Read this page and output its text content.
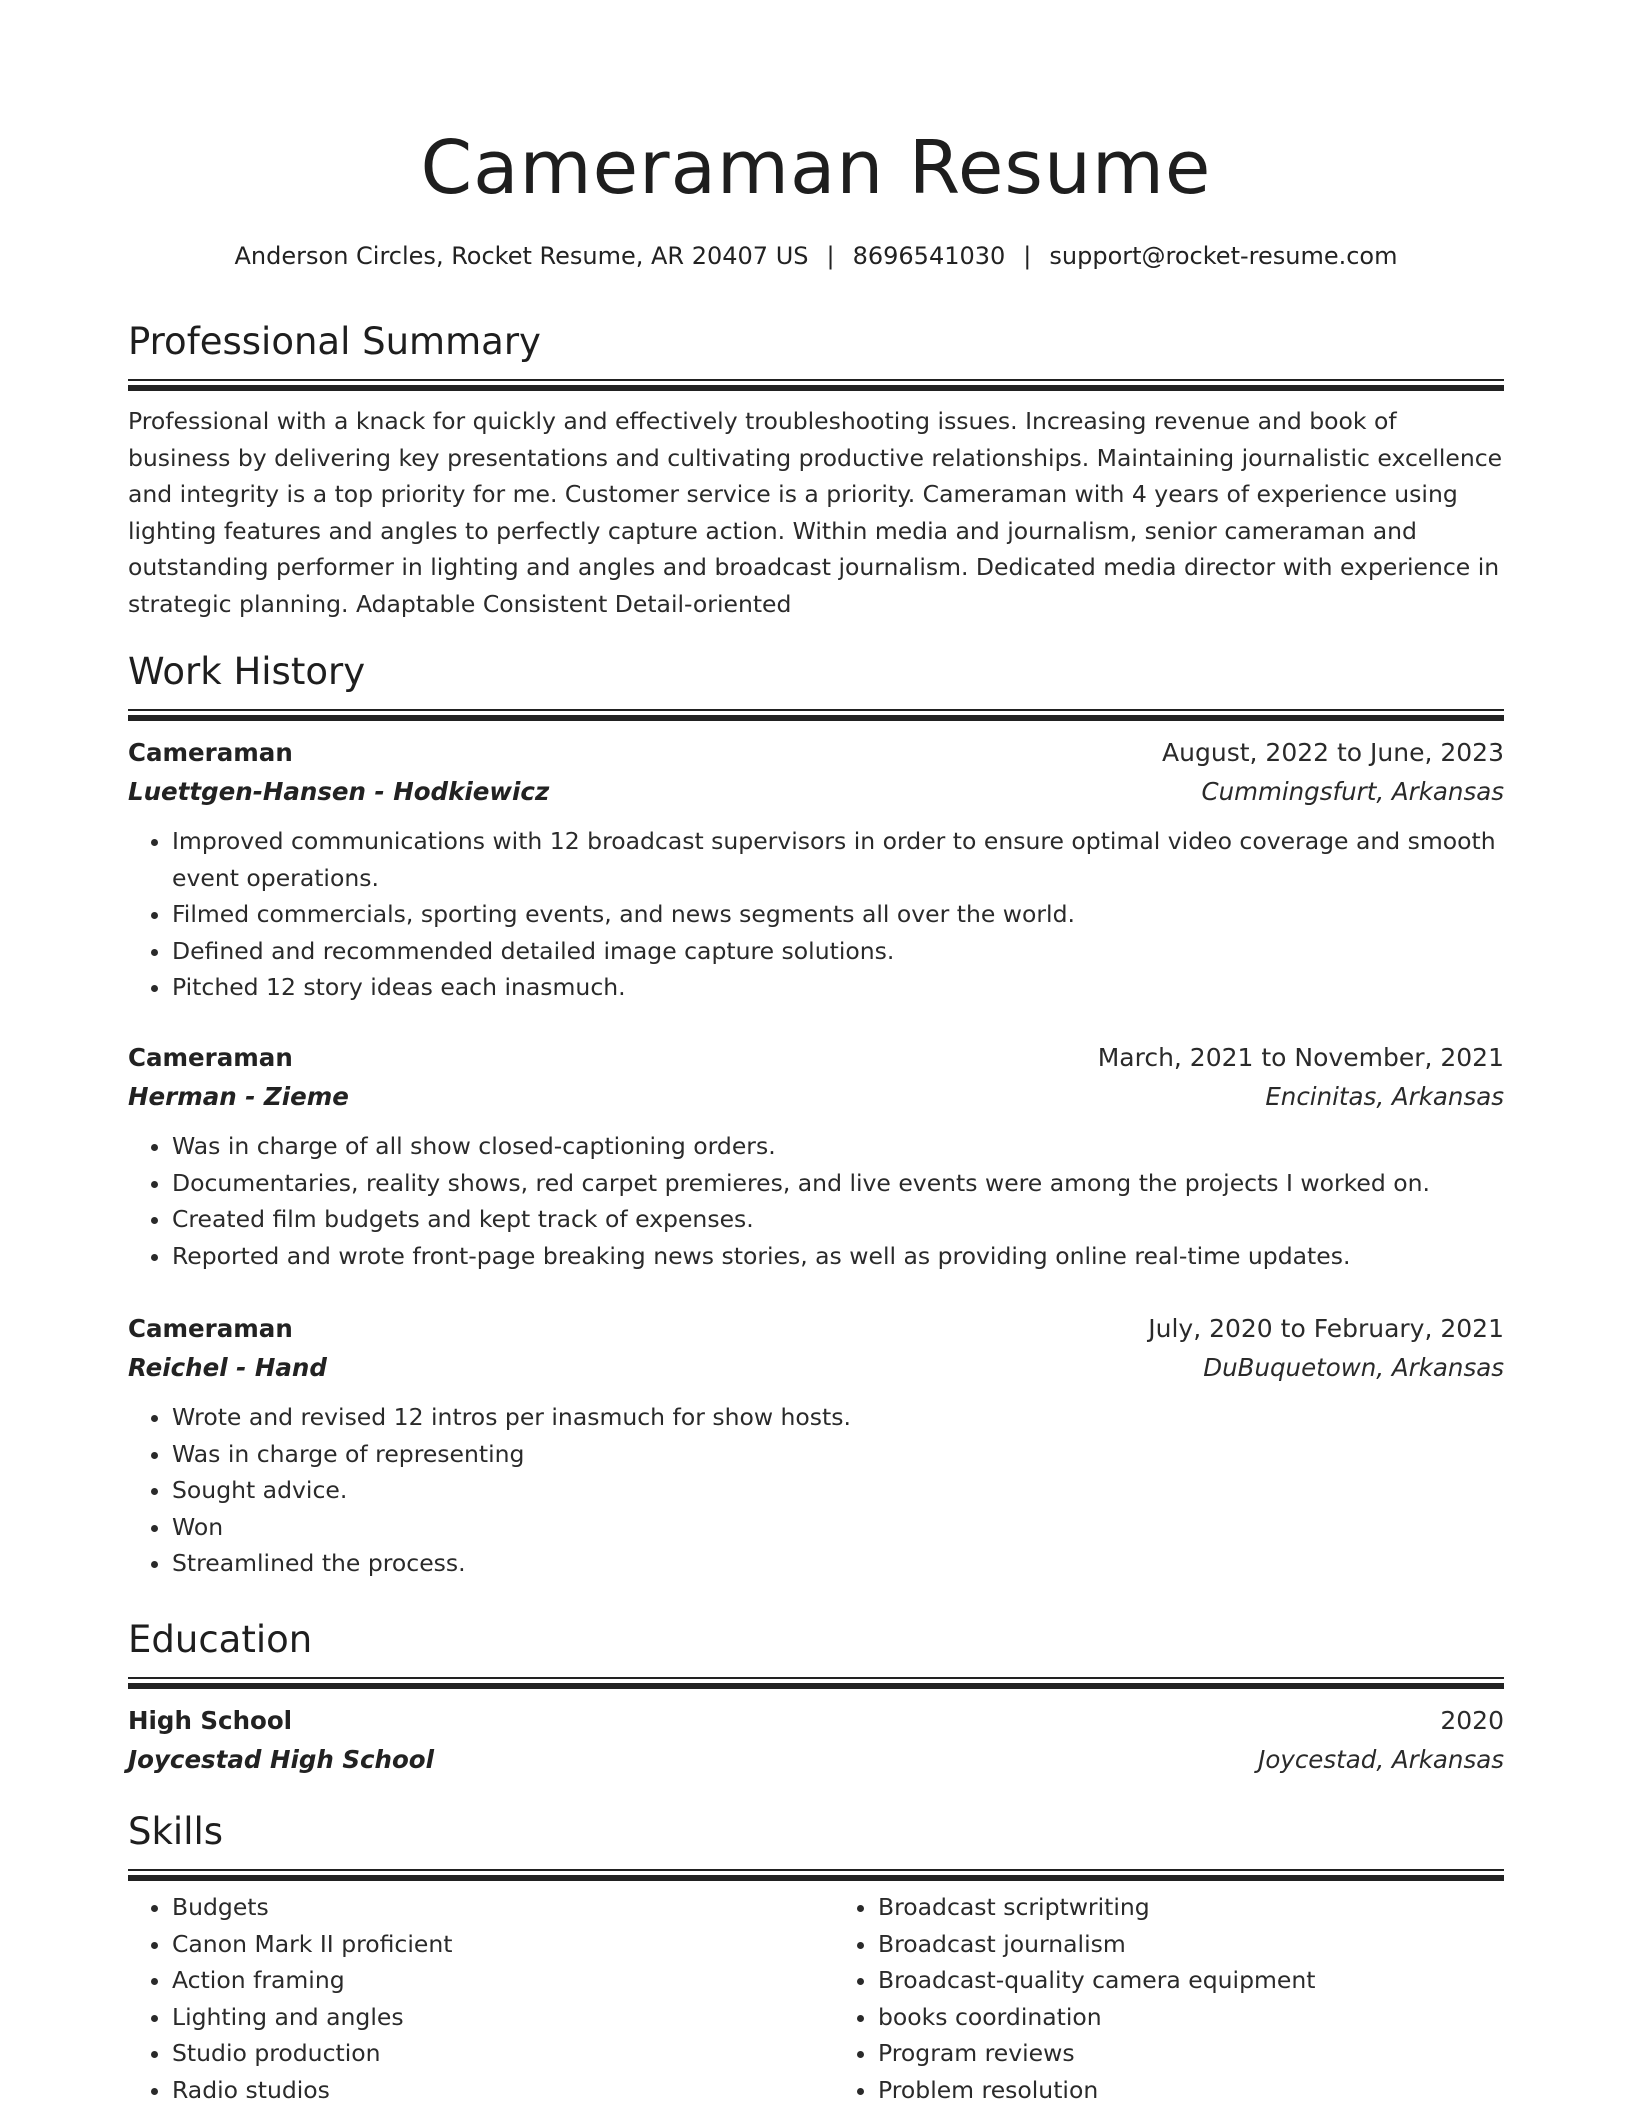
Cameraman Resume
Anderson Circles, Rocket Resume, AR 20407 US | 8696541030 | support@rocket-resume.com
Professional Summary
Professional with a knack for quickly and effectively troubleshooting issues. Increasing revenue and book of business by delivering key presentations and cultivating productive relationships. Maintaining journalistic excellence and integrity is a top priority for me. Customer service is a priority. Cameraman with 4 years of experience using lighting features and angles to perfectly capture action. Within media and journalism, senior cameraman and outstanding performer in lighting and angles and broadcast journalism. Dedicated media director with experience in strategic planning. Adaptable Consistent Detail-oriented
Work History
Cameraman	August, 2022 to June, 2023
Luettgen-Hansen - Hodkiewicz	Cummingsfurt, Arkansas
• Improved communications with 12 broadcast supervisors in order to ensure optimal video coverage and smooth event operations.
• Filmed commercials, sporting events, and news segments all over the world.
• Defined and recommended detailed image capture solutions.
• Pitched 12 story ideas each inasmuch.
Cameraman	March, 2021 to November, 2021
Herman - Zieme	Encinitas, Arkansas
• Was in charge of all show closed-captioning orders.
• Documentaries, reality shows, red carpet premieres, and live events were among the projects I worked on.
• Created film budgets and kept track of expenses.
• Reported and wrote front-page breaking news stories, as well as providing online real-time updates.
Cameraman	July, 2020 to February, 2021
Reichel - Hand	DuBuquetown, Arkansas
• Wrote and revised 12 intros per inasmuch for show hosts.
• Was in charge of representing
• Sought advice.
• Won
• Streamlined the process.
Education
High School	2020
Joycestad High School	Joycestad, Arkansas
Skills
• Budgets
• Canon Mark II proficient
• Action framing
• Lighting and angles
• Studio production
• Radio studios
• Broadcast scriptwriting
• Broadcast journalism
• Broadcast-quality camera equipment
• books coordination
• Program reviews
• Problem resolution
